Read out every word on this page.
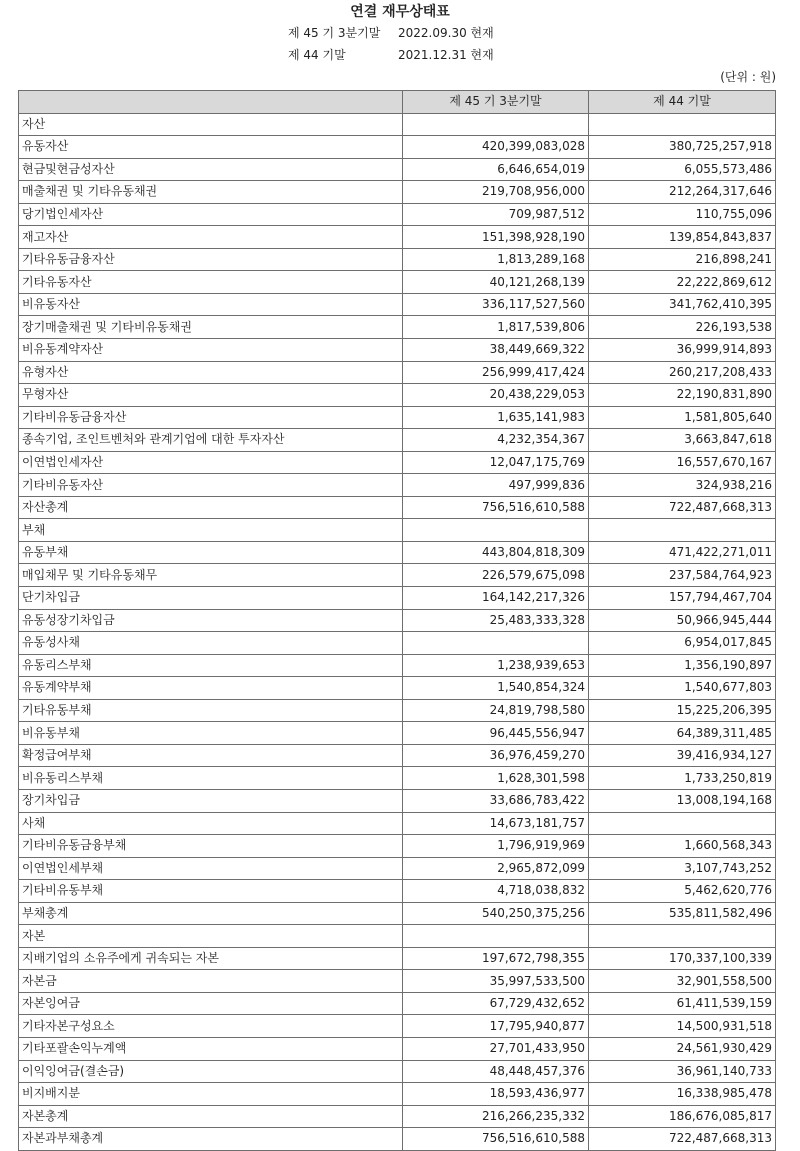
연결 재무상태표
제 45 기 3분기말 2022.09.30 현재
제 44 기말	2021.12.31 현재
(단위 : 원)
	제 45 기 3분기말	제 44 기말
자산		
유동자산	420,399,083,028	380,725,257,918
현금및현금성자산	6,646,654,019	6,055,573,486
매출채권 및 기타유동채권	219,708,956,000	212,264,317,646
당기법인세자산	709,987,512	110,755,096
재고자산	151,398,928,190	139,854,843,837
기타유동금융자산	1,813,289,168	216,898,241
기타유동자산	40,121,268,139	22,222,869,612
비유동자산	336,117,527,560	341,762,410,395
장기매출채권 및 기타비유동채권	1,817,539,806	226,193,538
비유동계약자산	38,449,669,322	36,999,914,893
유형자산	256,999,417,424	260,217,208,433
무형자산	20,438,229,053	22,190,831,890
기타비유동금융자산	1,635,141,983	1,581,805,640
종속기업, 조인트벤처와 관계기업에 대한 투자자산	4,232,354,367	3,663,847,618
이연법인세자산	12,047,175,769	16,557,670,167
기타비유동자산	497,999,836	324,938,216
자산총계	756,516,610,588	722,487,668,313
부채		
유동부채	443,804,818,309	471,422,271,011
매입채무 및 기타유동채무	226,579,675,098	237,584,764,923
단기차입금	164,142,217,326	157,794,467,704
유동성장기차입금	25,483,333,328	50,966,945,444
유동성사채		6,954,017,845
유동리스부채	1,238,939,653	1,356,190,897
유동계약부채	1,540,854,324	1,540,677,803
기타유동부채	24,819,798,580	15,225,206,395
비유동부채	96,445,556,947	64,389,311,485
확정급여부채	36,976,459,270	39,416,934,127
비유동리스부채	1,628,301,598	1,733,250,819
장기차입금	33,686,783,422	13,008,194,168
사채	14,673,181,757	
기타비유동금융부채	1,796,919,969	1,660,568,343
이연법인세부채	2,965,872,099	3,107,743,252
기타비유동부채	4,718,038,832	5,462,620,776
부채총계	540,250,375,256	535,811,582,496
자본		
지배기업의 소유주에게 귀속되는 자본	197,672,798,355	170,337,100,339
자본금	35,997,533,500	32,901,558,500
자본잉여금	67,729,432,652	61,411,539,159
기타자본구성요소	17,795,940,877	14,500,931,518
기타포괄손익누계액	27,701,433,950	24,561,930,429
이익잉여금(결손금)	48,448,457,376	36,961,140,733
비지배지분	18,593,436,977	16,338,985,478
자본총계	216,266,235,332	186,676,085,817
자본과부채총계	756,516,610,588	722,487,668,313
